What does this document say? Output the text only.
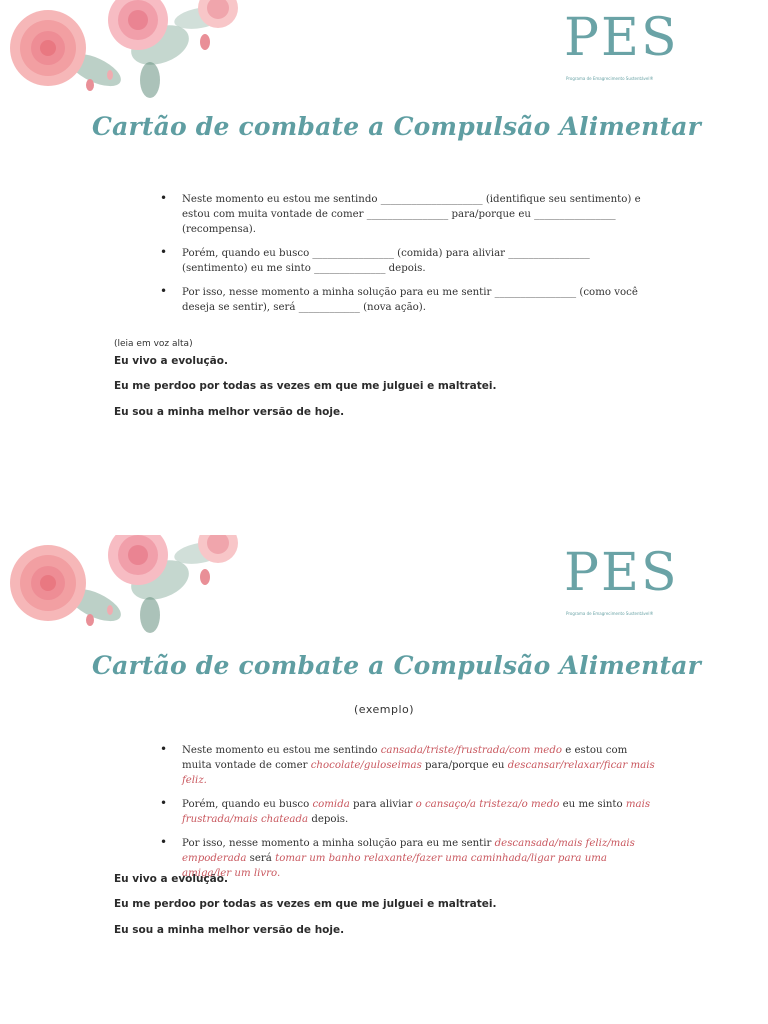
PES
Programa de Emagrecimento Sustentável®
Cartão de combate a Compulsão Alimentar
• Neste momento eu estou me sentindo ____________________ (identifique seu sentimento) e estou com muita vontade de comer ________________ para/porque eu ________________ (recompensa).
• Porém, quando eu busco ________________ (comida) para aliviar ________________ (sentimento) eu me sinto ______________ depois.
• Por isso, nesse momento a minha solução para eu me sentir ________________ (como você deseja se sentir), será ____________ (nova ação).
(leia em voz alta)

Eu vivo a evolução.

Eu me perdoo por todas as vezes em que me julguei e maltratei.

Eu sou a minha melhor versão de hoje.

PES
Programa de Emagrecimento Sustentável®
Cartão de combate a Compulsão Alimentar
(exemplo)
• Neste momento eu estou me sentindo cansada/triste/frustrada/com medo e estou com muita vontade de comer chocolate/guloseimas para/porque eu descansar/relaxar/ficar mais feliz.
• Porém, quando eu busco comida para aliviar o cansaço/a tristeza/o medo eu me sinto mais frustrada/mais chateada depois.
• Por isso, nesse momento a minha solução para eu me sentir descansada/mais feliz/mais empoderada será tomar um banho relaxante/fazer uma caminhada/ligar para uma amiga/ler um livro.

Eu vivo a evolução.

Eu me perdoo por todas as vezes em que me julguei e maltratei.

Eu sou a minha melhor versão de hoje.
